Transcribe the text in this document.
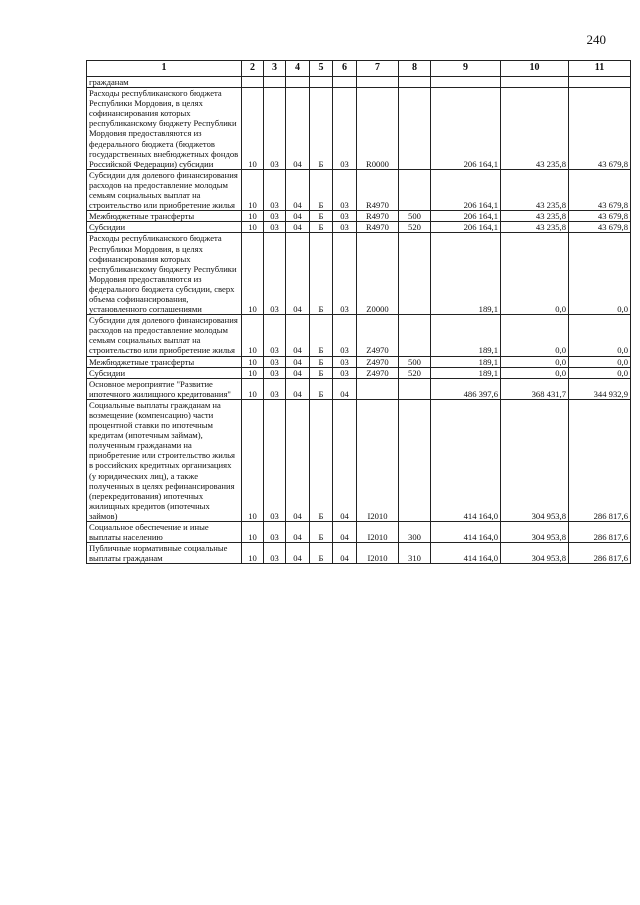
240
1	2	3	4	5	6	7	8	9	10	11
гражданам										
Расходы республиканского бюджета Республики Мордовия, в целях софинансирования которых республиканскому бюджету Республики Мордовия предоставляются из федерального бюджета (бюджетов государственных внебюджетных фондов Российской Федерации) субсидии	10	03	04	Б	03	R0000		206 164,1	43 235,8	43 679,8
Субсидии для долевого финансирования расходов на предоставление молодым семьям социальных выплат на строительство или приобретение жилья	10	03	04	Б	03	R4970		206 164,1	43 235,8	43 679,8
Межбюджетные трансферты	10	03	04	Б	03	R4970	500	206 164,1	43 235,8	43 679,8
Субсидии	10	03	04	Б	03	R4970	520	206 164,1	43 235,8	43 679,8
Расходы республиканского бюджета Республики Мордовия, в целях софинансирования которых республиканскому бюджету Республики Мордовия предоставляются из федерального бюджета субсидии, сверх объема софинансирования, установленного соглашениями	10	03	04	Б	03	Z0000		189,1	0,0	0,0
Субсидии для долевого финансирования расходов на предоставление молодым семьям социальных выплат на строительство или приобретение жилья	10	03	04	Б	03	Z4970		189,1	0,0	0,0
Межбюджетные трансферты	10	03	04	Б	03	Z4970	500	189,1	0,0	0,0
Субсидии	10	03	04	Б	03	Z4970	520	189,1	0,0	0,0
Основное мероприятие "Развитие ипотечного жилищного кредитования"	10	03	04	Б	04			486 397,6	368 431,7	344 932,9
Социальные выплаты гражданам на возмещение (компенсацию) части процентной ставки по ипотечным кредитам (ипотечным займам), полученным гражданами на приобретение или строительство жилья в российских кредитных организациях (у юридических лиц), а также полученных в целях рефинансирования (перекредитования) ипотечных жилищных кредитов (ипотечных займов)	10	03	04	Б	04	I2010		414 164,0	304 953,8	286 817,6
Социальное обеспечение и иные выплаты населению	10	03	04	Б	04	I2010	300	414 164,0	304 953,8	286 817,6
Публичные нормативные социальные выплаты гражданам	10	03	04	Б	04	I2010	310	414 164,0	304 953,8	286 817,6
